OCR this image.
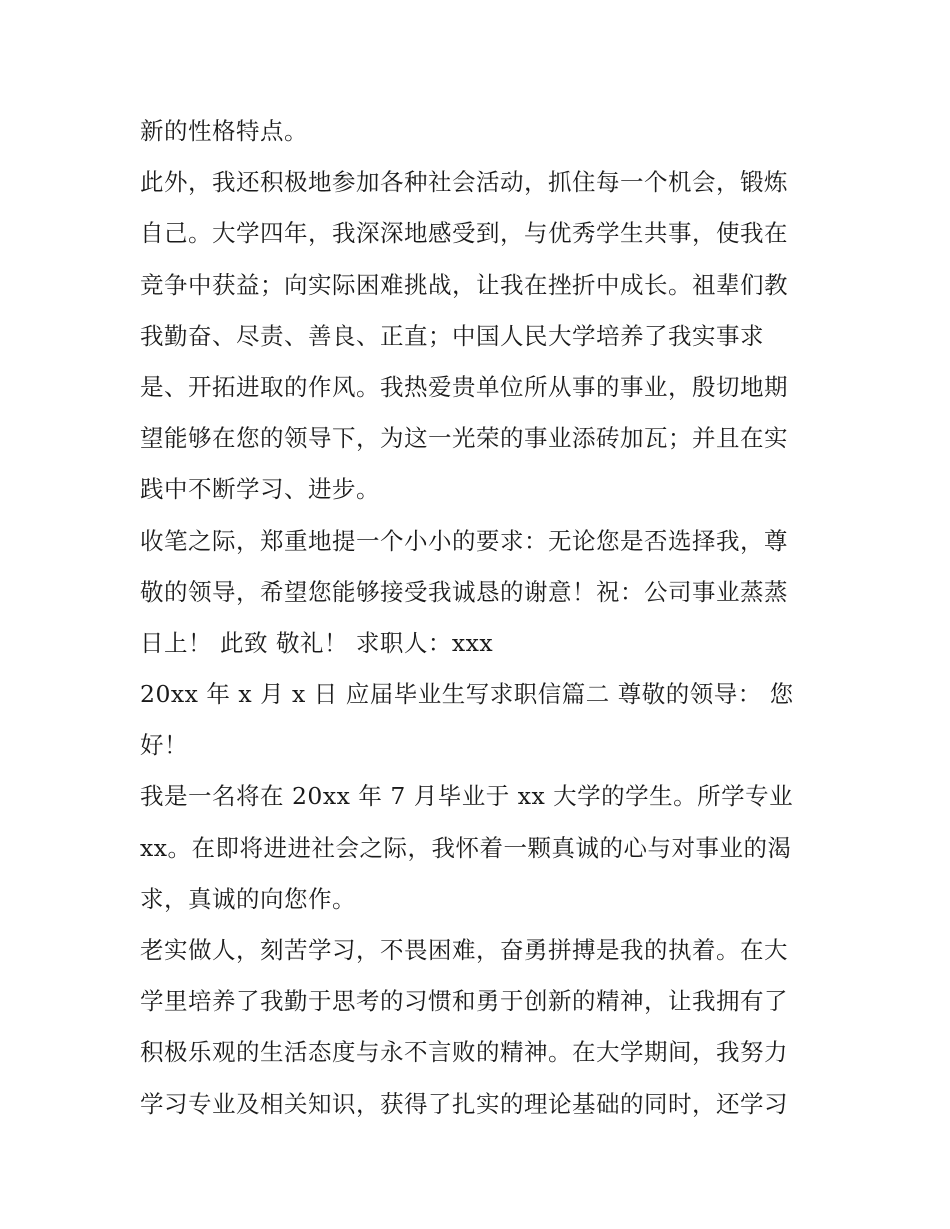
新的性格特点。
此外，我还积极地参加各种社会活动，抓住每一个机会，锻炼
自己。大学四年，我深深地感受到，与优秀学生共事，使我在
竞争中获益；向实际困难挑战，让我在挫折中成长。祖辈们教
我勤奋、尽责、善良、正直；中国人民大学培养了我实事求
是、开拓进取的作风。我热爱贵单位所从事的事业，殷切地期
望能够在您的领导下，为这一光荣的事业添砖加瓦；并且在实
践中不断学习、进步。
收笔之际，郑重地提一个小小的要求：无论您是否选择我，尊
敬的领导，希望您能够接受我诚恳的谢意！祝：公司事业蒸蒸
日上！ 此致 敬礼！ 求职人：xxx
20xx 年 x 月 x 日 应届毕业生写求职信篇二 尊敬的领导： 您
好！
我是一名将在 20xx 年 7 月毕业于 xx 大学的学生。所学专业
xx。在即将进进社会之际，我怀着一颗真诚的心与对事业的渴
求，真诚的向您作。
老实做人，刻苦学习，不畏困难，奋勇拼搏是我的执着。在大
学里培养了我勤于思考的习惯和勇于创新的精神，让我拥有了
积极乐观的生活态度与永不言败的精神。在大学期间，我努力
学习专业及相关知识，获得了扎实的理论基础的同时，还学习
